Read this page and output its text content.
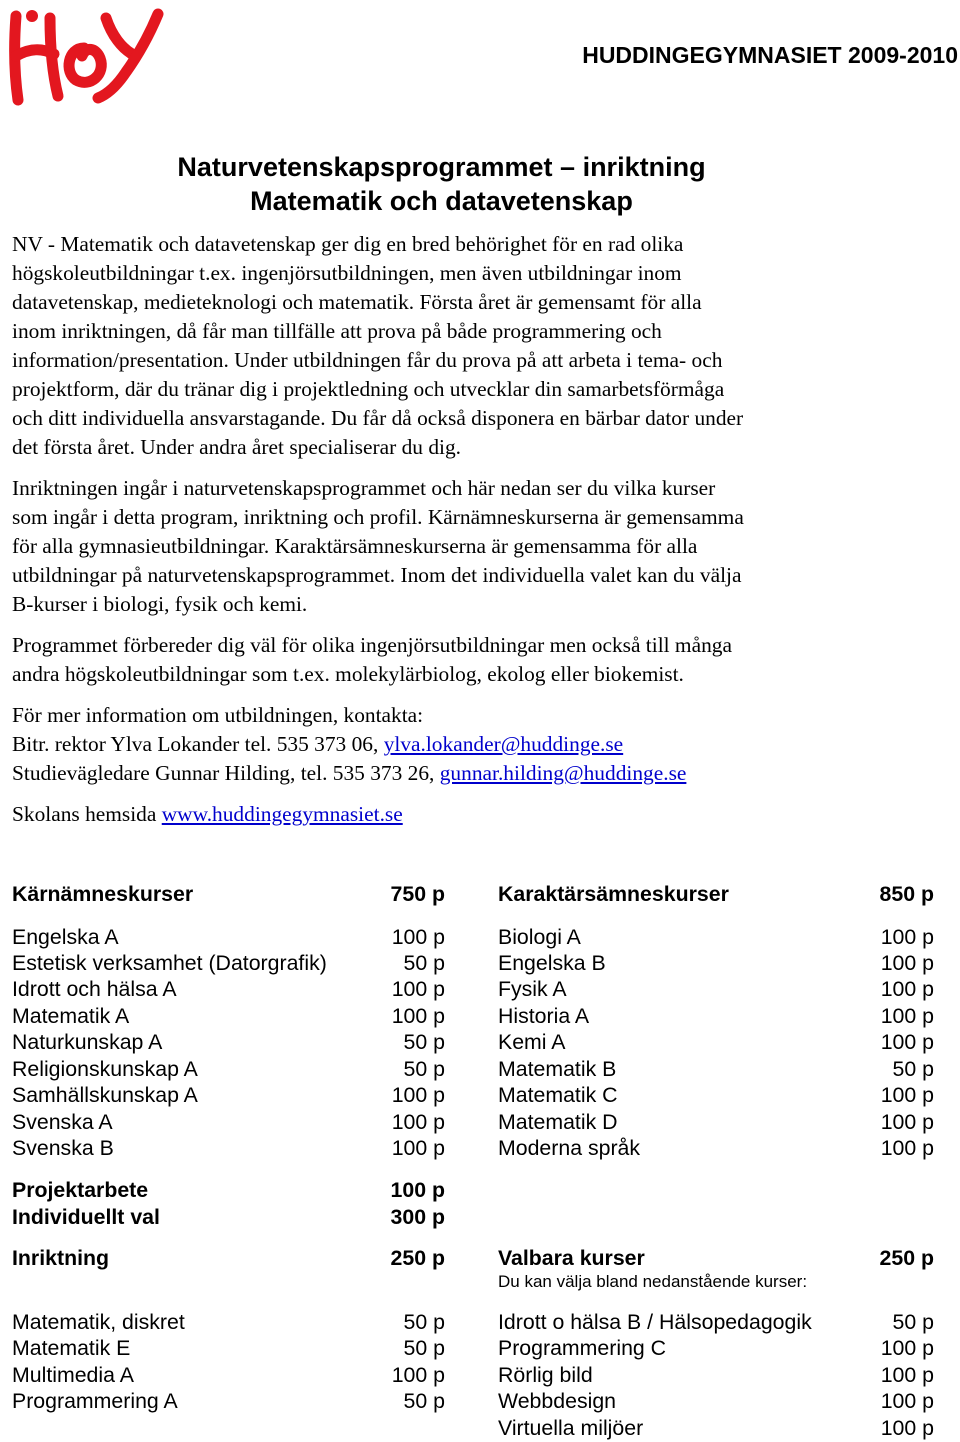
HUDDINGEGYMNASIET 2009-2010
Naturvetenskapsprogrammet – inriktning
Matematik och datavetenskap
NV - Matematik och datavetenskap ger dig en bred behörighet för en rad olika
högskoleutbildningar t.ex. ingenjörsutbildningen, men även utbildningar inom
datavetenskap, medieteknologi och matematik. Första året är gemensamt för alla
inom inriktningen, då får man tillfälle att prova på både programmering och
information/presentation. Under utbildningen får du prova på att arbeta i tema- och
projektform, där du tränar dig i projektledning och utvecklar din samarbetsförmåga
och ditt individuella ansvarstagande. Du får då också disponera en bärbar dator under
det första året. Under andra året specialiserar du dig.
Inriktningen ingår i naturvetenskapsprogrammet och här nedan ser du vilka kurser
som ingår i detta program, inriktning och profil. Kärnämneskurserna är gemensamma
för alla gymnasieutbildningar. Karaktärsämneskurserna är gemensamma för alla
utbildningar på naturvetenskapsprogrammet. Inom det individuella valet kan du välja
B-kurser i biologi, fysik och kemi.
Programmet förbereder dig väl för olika ingenjörsutbildningar men också till många
andra högskoleutbildningar som t.ex. molekylärbiolog, ekolog eller biokemist.
För mer information om utbildningen, kontakta:
Bitr. rektor Ylva Lokander tel. 535 373 06, ylva.lokander@huddinge.se
Studievägledare Gunnar Hilding, tel. 535 373 26, gunnar.hilding@huddinge.se
Skolans hemsida www.huddingegymnasiet.se
Kärnämneskurser	750 p
Engelska A	100 p
Estetisk verksamhet (Datorgrafik)	50 p
Idrott och hälsa A	100 p
Matematik A	100 p
Naturkunskap A	50 p
Religionskunskap A	50 p
Samhällskunskap A	100 p
Svenska A	100 p
Svenska B	100 p
Projektarbete	100 p
Individuellt val	300 p
Inriktning	250 p
Matematik, diskret	50 p
Matematik E	50 p
Multimedia A	100 p
Programmering A	50 p
Karaktärsämneskurser	850 p
Biologi A	100 p
Engelska B	100 p
Fysik A	100 p
Historia A	100 p
Kemi A	100 p
Matematik B	50 p
Matematik C	100 p
Matematik D	100 p
Moderna språk	100 p
Valbara kurser	250 p
Du kan välja bland nedanstående kurser:
Idrott o hälsa B / Hälsopedagogik	50 p
Programmering C	100 p
Rörlig bild	100 p
Webbdesign	100 p
Virtuella miljöer	100 p
